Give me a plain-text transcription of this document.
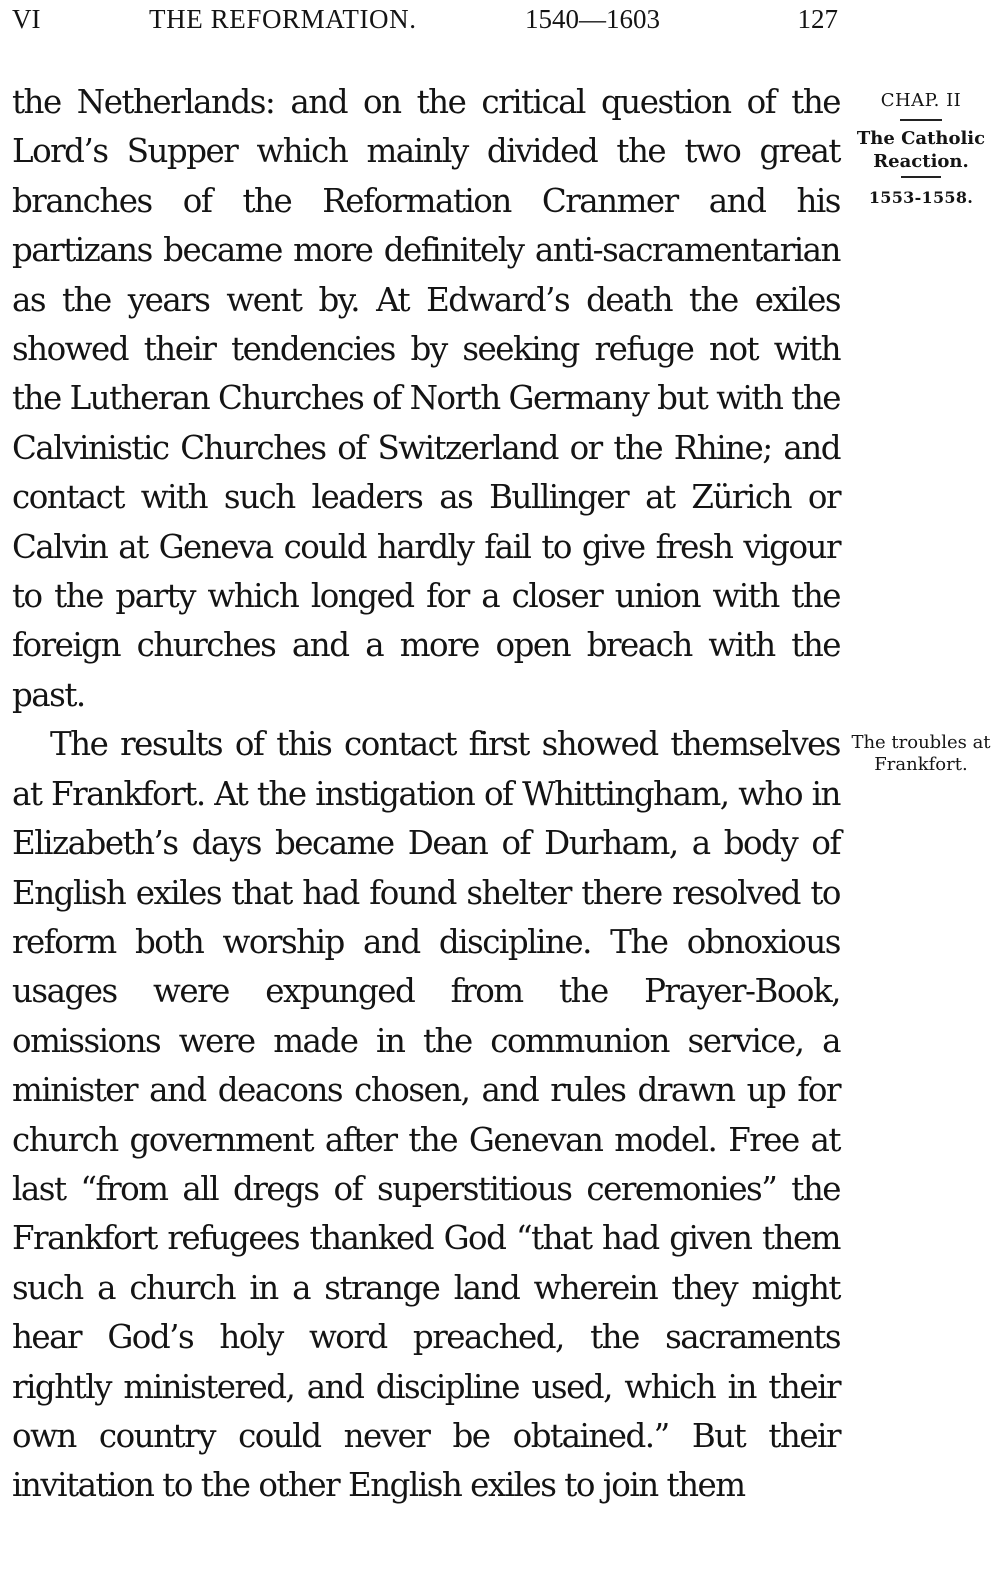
VI	THE REFORMATION.	1540—1603	127

the Netherlands: and on the critical question of the Lord’s Supper which mainly divided the two great branches of the Reformation Cranmer and his partizans became more definitely anti-sacramentarian as the years went by. At Edward’s death the exiles showed their tendencies by seeking refuge not with the Lutheran Churches of North Germany but with the Calvinistic Churches of Switzerland or the Rhine; and contact with such leaders as Bullinger at Zürich or Calvin at Geneva could hardly fail to give fresh vigour to the party which longed for a closer union with the foreign churches and a more open breach with the past.

The results of this contact first showed themselves at Frankfort. At the instigation of Whittingham, who in Elizabeth’s days became Dean of Durham, a body of English exiles that had found shelter there resolved to reform both worship and discipline. The obnoxious usages were expunged from the Prayer-Book, omissions were made in the communion service, a minister and deacons chosen, and rules drawn up for church government after the Genevan model. Free at last “from all dregs of superstitious ceremonies” the Frankfort refugees thanked God “that had given them such a church in a strange land wherein they might hear God’s holy word preached, the sacraments rightly ministered, and discipline used, which in their own country could never be obtained.” But their invitation to the other English exiles to join them

CHAP. II
The Catholic Reaction.
1553-1558.
The troubles at Frankfort.
